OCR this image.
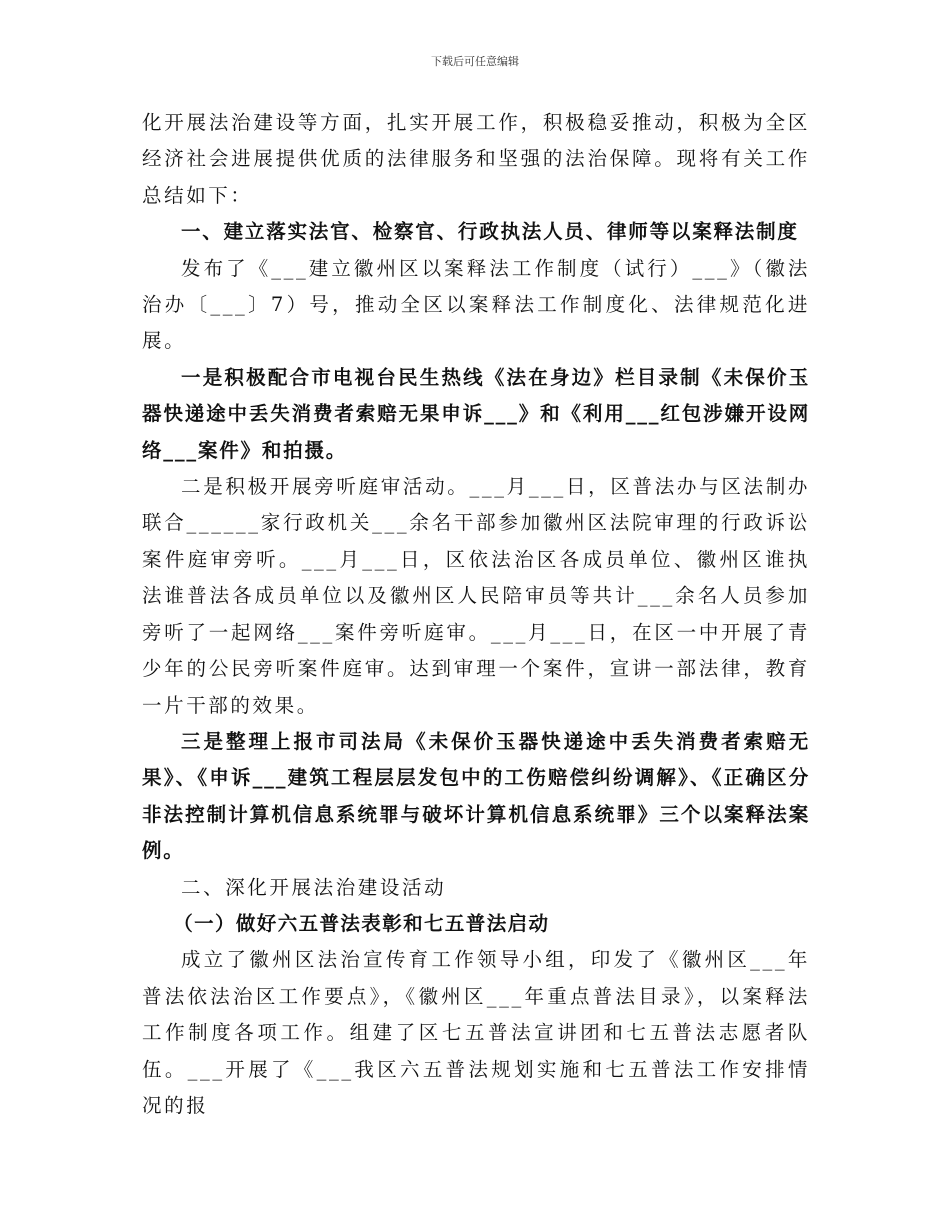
下载后可任意编辑

化开展法治建设等方面，扎实开展工作，积极稳妥推动，积极为全区经济社会进展提供优质的法律服务和坚强的法治保障。现将有关工作总结如下：

一、建立落实法官、检察官、行政执法人员、律师等以案释法制度

发布了《___建立徽州区以案释法工作制度（试行）___》（徽法治办〔___〕7）号，推动全区以案释法工作制度化、法律规范化进展。

一是积极配合市电视台民生热线《法在身边》栏目录制《未保价玉器快递途中丢失消费者索赔无果申诉___》和《利用___红包涉嫌开设网络___案件》和拍摄。

二是积极开展旁听庭审活动。___月___日，区普法办与区法制办联合______家行政机关___余名干部参加徽州区法院审理的行政诉讼案件庭审旁听。___月___日，区依法治区各成员单位、徽州区谁执法谁普法各成员单位以及徽州区人民陪审员等共计___余名人员参加旁听了一起网络___案件旁听庭审。___月___日，在区一中开展了青少年的公民旁听案件庭审。达到审理一个案件，宣讲一部法律，教育一片干部的效果。

三是整理上报市司法局《未保价玉器快递途中丢失消费者索赔无果》、《申诉___建筑工程层层发包中的工伤赔偿纠纷调解》、《正确区分非法控制计算机信息系统罪与破坏计算机信息系统罪》三个以案释法案例。

二、深化开展法治建设活动

（一）做好六五普法表彰和七五普法启动

成立了徽州区法治宣传育工作领导小组，印发了《徽州区___年普法依法治区工作要点》，《徽州区___年重点普法目录》，以案释法工作制度各项工作。组建了区七五普法宣讲团和七五普法志愿者队伍。___开展了《___我区六五普法规划实施和七五普法工作安排情况的报
